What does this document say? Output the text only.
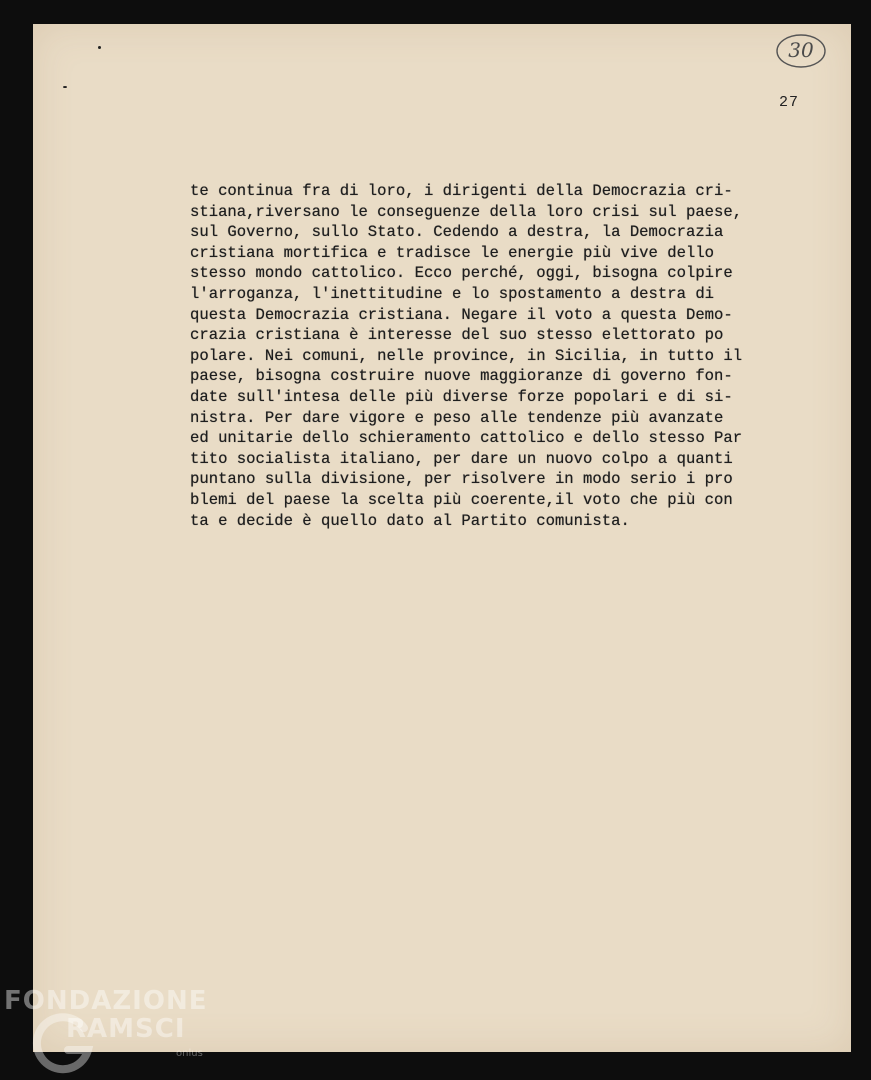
30
27
te continua fra di loro, i dirigenti della Democrazia cri-
stiana,riversano le conseguenze della loro crisi sul paese,
sul Governo, sullo Stato. Cedendo a destra, la Democrazia
cristiana mortifica e tradisce le energie più vive dello
stesso mondo cattolico. Ecco perché, oggi, bisogna colpire
l'arroganza, l'inettitudine e lo spostamento a destra di
questa Democrazia cristiana. Negare il voto a questa Demo-
crazia cristiana è interesse del suo stesso elettorato po
polare. Nei comuni, nelle province, in Sicilia, in tutto il
paese, bisogna costruire nuove maggioranze di governo fon-
date sull'intesa delle più diverse forze popolari e di si-
nistra. Per dare vigore e peso alle tendenze più avanzate
ed unitarie dello schieramento cattolico e dello stesso Par
tito socialista italiano, per dare un nuovo colpo a quanti
puntano sulla divisione, per risolvere in modo serio i pro
blemi del paese la scelta più coerente,il voto che più con
ta e decide è quello dato al Partito comunista.
FONDAZIONE
RAMSCI
onlus
